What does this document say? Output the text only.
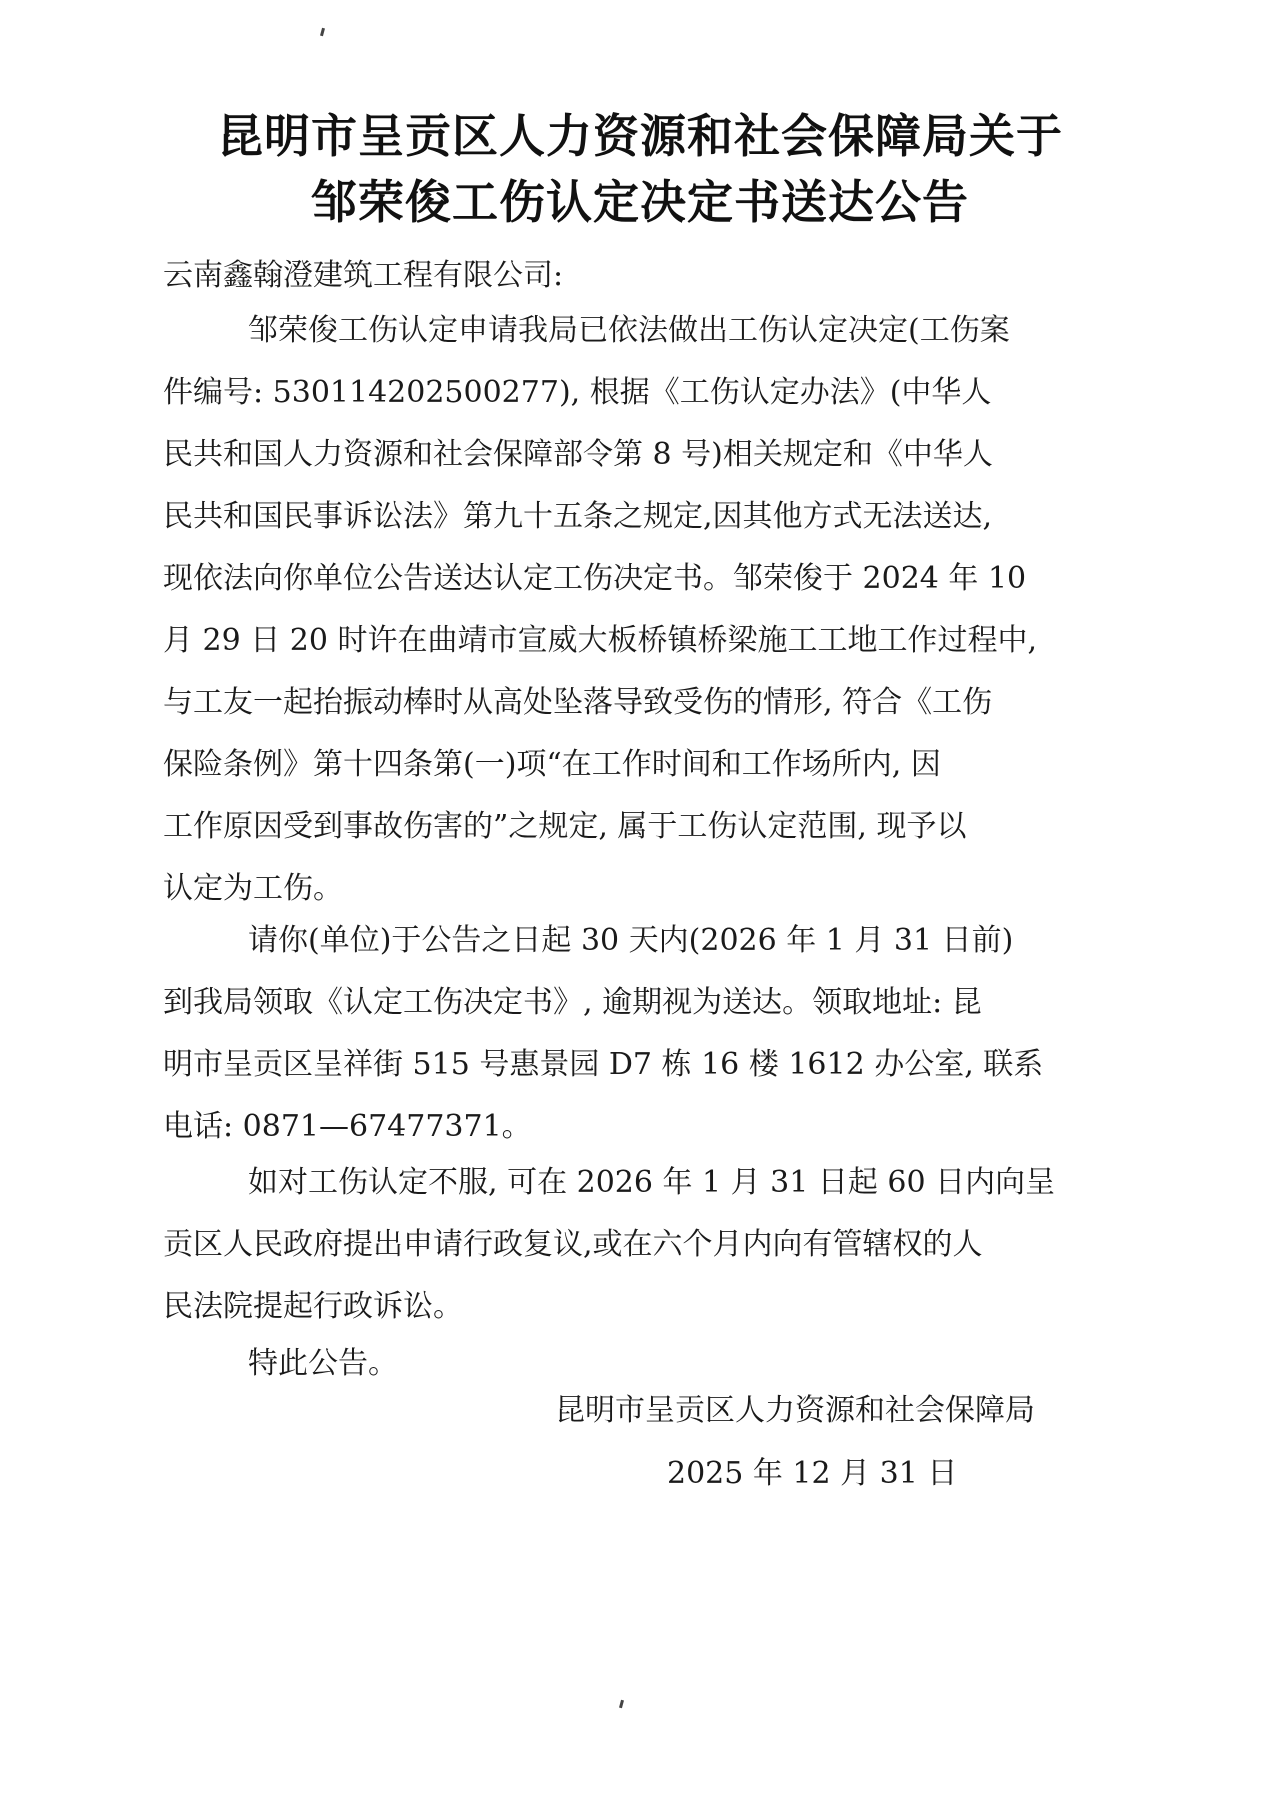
昆明市呈贡区人力资源和社会保障局关于
邹荣俊工伤认定决定书送达公告
云南鑫翰澄建筑工程有限公司:
邹荣俊工伤认定申请我局已依法做出工伤认定决定(工伤案
件编号: 530114202500277), 根据《工伤认定办法》(中华人
民共和国人力资源和社会保障部令第 8 号)相关规定和《中华人
民共和国民事诉讼法》第九十五条之规定,因其他方式无法送达,
现依法向你单位公告送达认定工伤决定书。邹荣俊于 2024 年 10
月 29 日 20 时许在曲靖市宣威大板桥镇桥梁施工工地工作过程中,
与工友一起抬振动棒时从高处坠落导致受伤的情形, 符合《工伤
保险条例》第十四条第(一)项“在工作时间和工作场所内, 因
工作原因受到事故伤害的”之规定, 属于工伤认定范围, 现予以
认定为工伤。
请你(单位)于公告之日起 30 天内(2026 年 1 月 31 日前)
到我局领取《认定工伤决定书》, 逾期视为送达。领取地址: 昆
明市呈贡区呈祥街 515 号惠景园 D7 栋 16 楼 1612 办公室, 联系
电话: 0871—67477371。
如对工伤认定不服, 可在 2026 年 1 月 31 日起 60 日内向呈
贡区人民政府提出申请行政复议,或在六个月内向有管辖权的人
民法院提起行政诉讼。
特此公告。
昆明市呈贡区人力资源和社会保障局
2025 年 12 月 31 日
